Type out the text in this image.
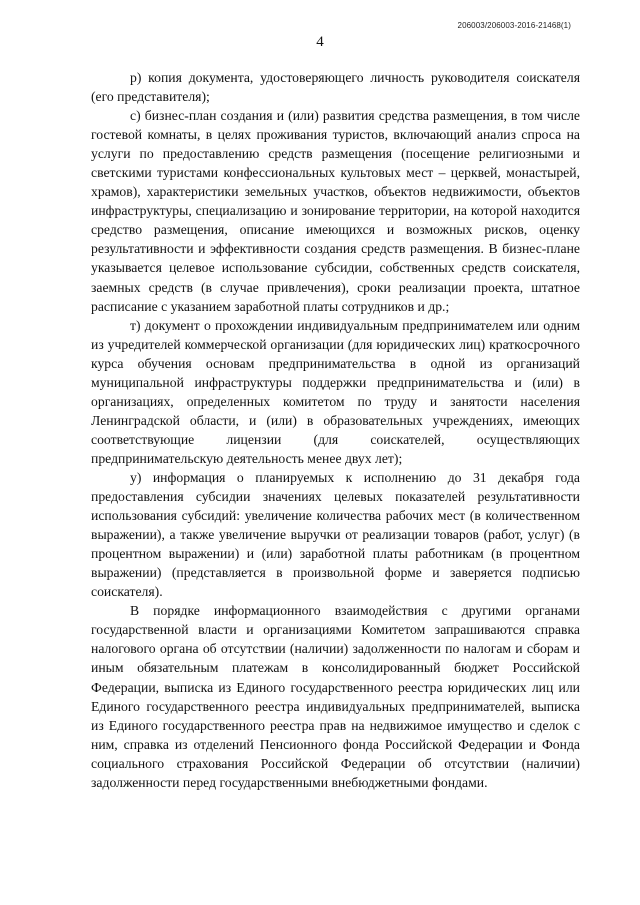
206003/206003-2016-21468(1)
4

р) копия документа, удостоверяющего личность руководителя соискателя (его представителя);

с) бизнес-план создания и (или) развития средства размещения, в том числе гостевой комнаты, в целях проживания туристов, включающий анализ спроса на услуги по предоставлению средств размещения (посещение религиозными и светскими туристами конфессиональных культовых мест – церквей, монастырей, храмов), характеристики земельных участков, объектов недвижимости, объектов инфраструктуры, специализацию и зонирование территории, на которой находится средство размещения, описание имеющихся и возможных рисков, оценку результативности и эффективности создания средств размещения. В бизнес-плане указывается целевое использование субсидии, собственных средств соискателя, заемных средств (в случае привлечения), сроки реализации проекта, штатное расписание с указанием заработной платы сотрудников и др.;

т) документ о прохождении индивидуальным предпринимателем или одним из учредителей коммерческой организации (для юридических лиц) краткосрочного курса обучения основам предпринимательства в одной из организаций муниципальной инфраструктуры поддержки предпринимательства и (или) в организациях, определенных комитетом по труду и занятости населения Ленинградской области, и (или) в образовательных учреждениях, имеющих соответствующие лицензии (для соискателей, осуществляющих предпринимательскую деятельность менее двух лет);

у) информация о планируемых к исполнению до 31 декабря года предоставления субсидии значениях целевых показателей результативности использования субсидий: увеличение количества рабочих мест (в количественном выражении), а также увеличение выручки от реализации товаров (работ, услуг) (в процентном выражении) и (или) заработной платы работникам (в процентном выражении) (представляется в произвольной форме и заверяется подписью соискателя).

В порядке информационного взаимодействия с другими органами государственной власти и организациями Комитетом запрашиваются справка налогового органа об отсутствии (наличии) задолженности по налогам и сборам и иным обязательным платежам в консолидированный бюджет Российской Федерации, выписка из Единого государственного реестра юридических лиц или Единого государственного реестра индивидуальных предпринимателей, выписка из Единого государственного реестра прав на недвижимое имущество и сделок с ним, справка из отделений Пенсионного фонда Российской Федерации и Фонда социального страхования Российской Федерации об отсутствии (наличии) задолженности перед государственными внебюджетными фондами.
